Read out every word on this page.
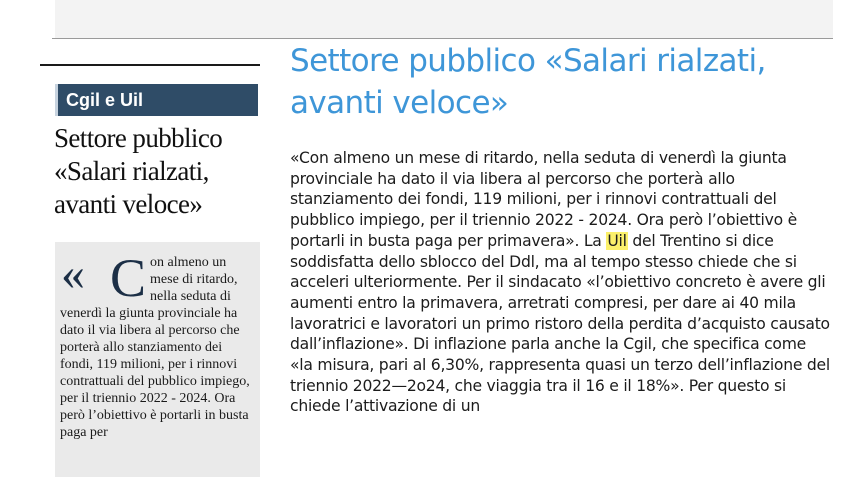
Cgil e Uil
Settore pubblico «Salari rialzati, avanti veloce»
« Con almeno un mese di ritardo, nella seduta di venerdì la giunta provinciale ha dato il via libera al percorso che porterà allo stanziamento dei fondi, 119 milioni, per i rinnovi contrattuali del pubblico impiego, per il triennio 2022 - 2024. Ora però l’obiettivo è portarli in busta paga per

Settore pubblico «Salari rialzati, avanti veloce»

«Con almeno un mese di ritardo, nella seduta di venerdì la giunta provinciale ha dato il via libera al percorso che porterà allo stanziamento dei fondi, 119 milioni, per i rinnovi contrattuali del pubblico impiego, per il triennio 2022 - 2024. Ora però l’obiettivo è portarli in busta paga per primavera». La Uil del Trentino si dice soddisfatta dello sblocco del Ddl, ma al tempo stesso chiede che si acceleri ulteriormente. Per il sindacato «l’obiettivo concreto è avere gli aumenti entro la primavera, arretrati compresi, per dare ai 40 mila lavoratrici e lavoratori un primo ristoro della perdita d’acquisto causato dall’inflazione». Di inflazione parla anche la Cgil, che specifica come «la misura, pari al 6,30%, rappresenta quasi un terzo dell’inflazione del triennio 2022—2o24, che viaggia tra il 16 e il 18%». Per questo si chiede l’attivazione di un
